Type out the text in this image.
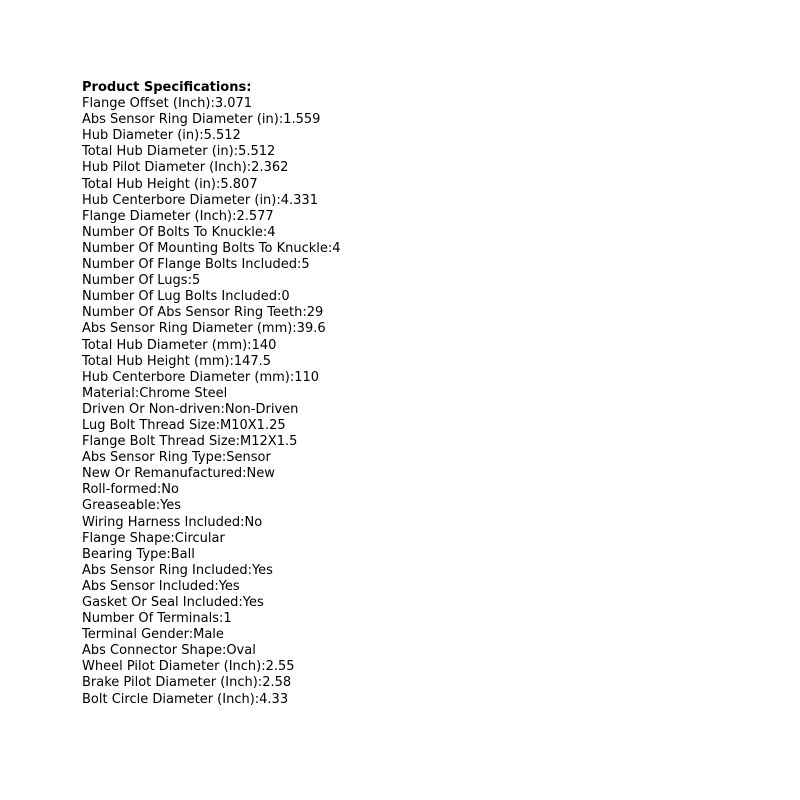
Product Specifications:
Flange Offset (Inch):3.071
Abs Sensor Ring Diameter (in):1.559
Hub Diameter (in):5.512
Total Hub Diameter (in):5.512
Hub Pilot Diameter (Inch):2.362
Total Hub Height (in):5.807
Hub Centerbore Diameter (in):4.331
Flange Diameter (Inch):2.577
Number Of Bolts To Knuckle:4
Number Of Mounting Bolts To Knuckle:4
Number Of Flange Bolts Included:5
Number Of Lugs:5
Number Of Lug Bolts Included:0
Number Of Abs Sensor Ring Teeth:29
Abs Sensor Ring Diameter (mm):39.6
Total Hub Diameter (mm):140
Total Hub Height (mm):147.5
Hub Centerbore Diameter (mm):110
Material:Chrome Steel
Driven Or Non-driven:Non-Driven
Lug Bolt Thread Size:M10X1.25
Flange Bolt Thread Size:M12X1.5
Abs Sensor Ring Type:Sensor
New Or Remanufactured:New
Roll-formed:No
Greaseable:Yes
Wiring Harness Included:No
Flange Shape:Circular
Bearing Type:Ball
Abs Sensor Ring Included:Yes
Abs Sensor Included:Yes
Gasket Or Seal Included:Yes
Number Of Terminals:1
Terminal Gender:Male
Abs Connector Shape:Oval
Wheel Pilot Diameter (Inch):2.55
Brake Pilot Diameter (Inch):2.58
Bolt Circle Diameter (Inch):4.33
